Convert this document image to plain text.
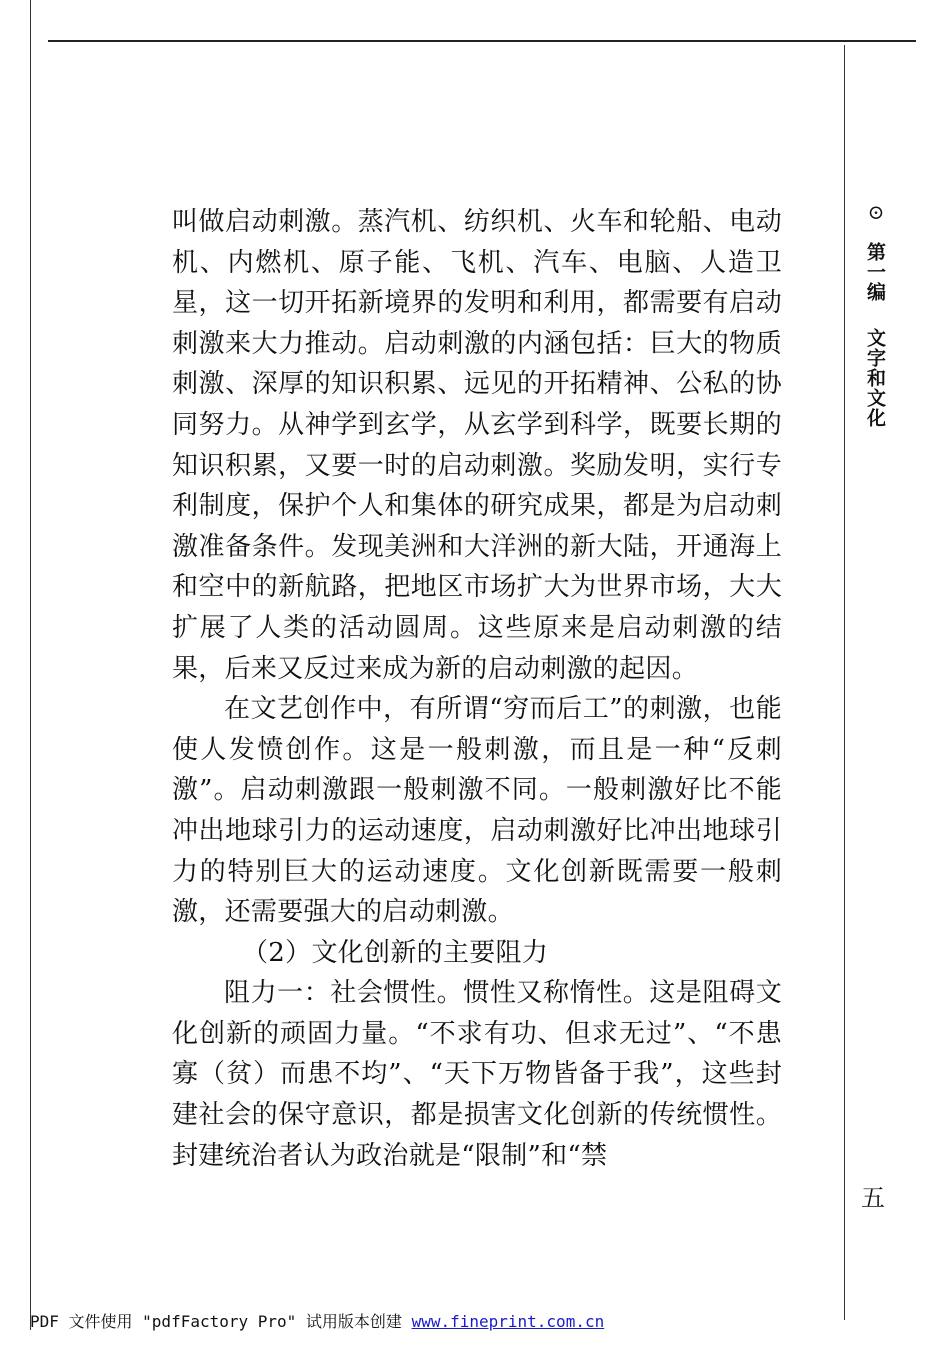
叫做启动刺激。蒸汽机、纺织机、火车和轮船、电动机、内燃机、原子能、飞机、汽车、电脑、人造卫星，这一切开拓新境界的发明和利用，都需要有启动刺激来大力推动。启动刺激的内涵包括：巨大的物质刺激、深厚的知识积累、远见的开拓精神、公私的协同努力。从神学到玄学，从玄学到科学，既要长期的知识积累，又要一时的启动刺激。奖励发明，实行专利制度，保护个人和集体的研究成果，都是为启动刺激准备条件。发现美洲和大洋洲的新大陆，开通海上和空中的新航路，把地区市场扩大为世界市场，大大扩展了人类的活动圆周。这些原来是启动刺激的结果，后来又反过来成为新的启动刺激的起因。

在文艺创作中，有所谓“穷而后工”的刺激，也能使人发愤创作。这是一般刺激，而且是一种“反刺激”。启动刺激跟一般刺激不同。一般刺激好比不能冲出地球引力的运动速度，启动刺激好比冲出地球引力的特别巨大的运动速度。文化创新既需要一般刺激，还需要强大的启动刺激。

（2）文化创新的主要阻力

阻力一：社会惯性。惯性又称惰性。这是阻碍文化创新的顽固力量。“不求有功、但求无过”、“不患寡（贫）而患不均”、“天下万物皆备于我”，这些封建社会的保守意识，都是损害文化创新的传统惯性。封建统治者认为政治就是“限制”和“禁

⊙
第一编文字和文化
五
PDF 文件使用 "pdfFactory Pro" 试用版本创建 www.fineprint.com.cn
